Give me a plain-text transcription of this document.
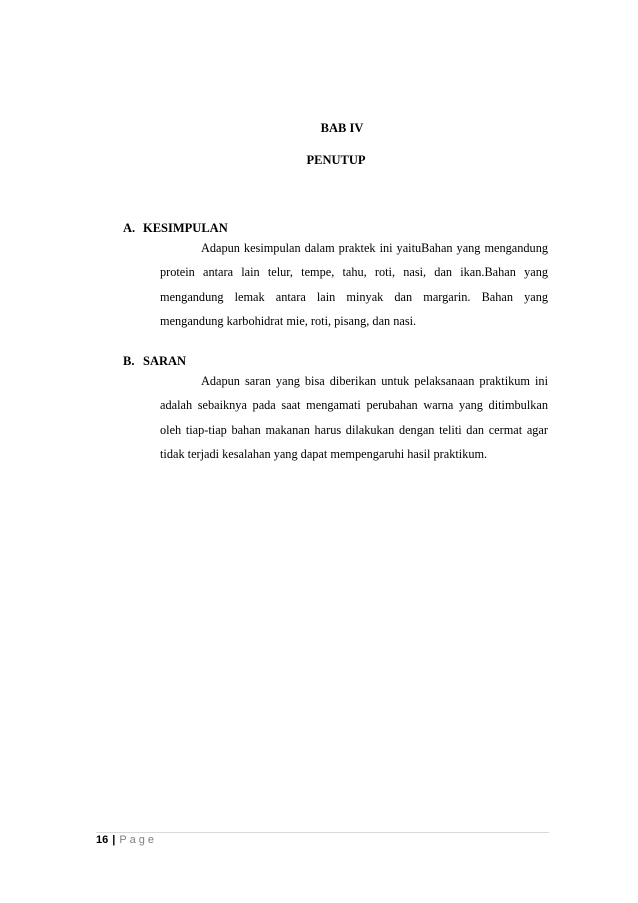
BAB IV

PENUTUP

A. KESIMPULAN

Adapun kesimpulan dalam praktek ini yaituBahan yang mengandung protein antara lain telur, tempe, tahu, roti, nasi, dan ikan.Bahan yang mengandung lemak antara lain minyak dan margarin. Bahan yang mengandung karbohidrat mie, roti, pisang, dan nasi.

B. SARAN

Adapun saran yang bisa diberikan untuk pelaksanaan praktikum ini adalah sebaiknya pada saat mengamati perubahan warna yang ditimbulkan oleh tiap-tiap bahan makanan harus dilakukan dengan teliti dan cermat agar tidak terjadi kesalahan yang dapat mempengaruhi hasil praktikum.

16 | Page
